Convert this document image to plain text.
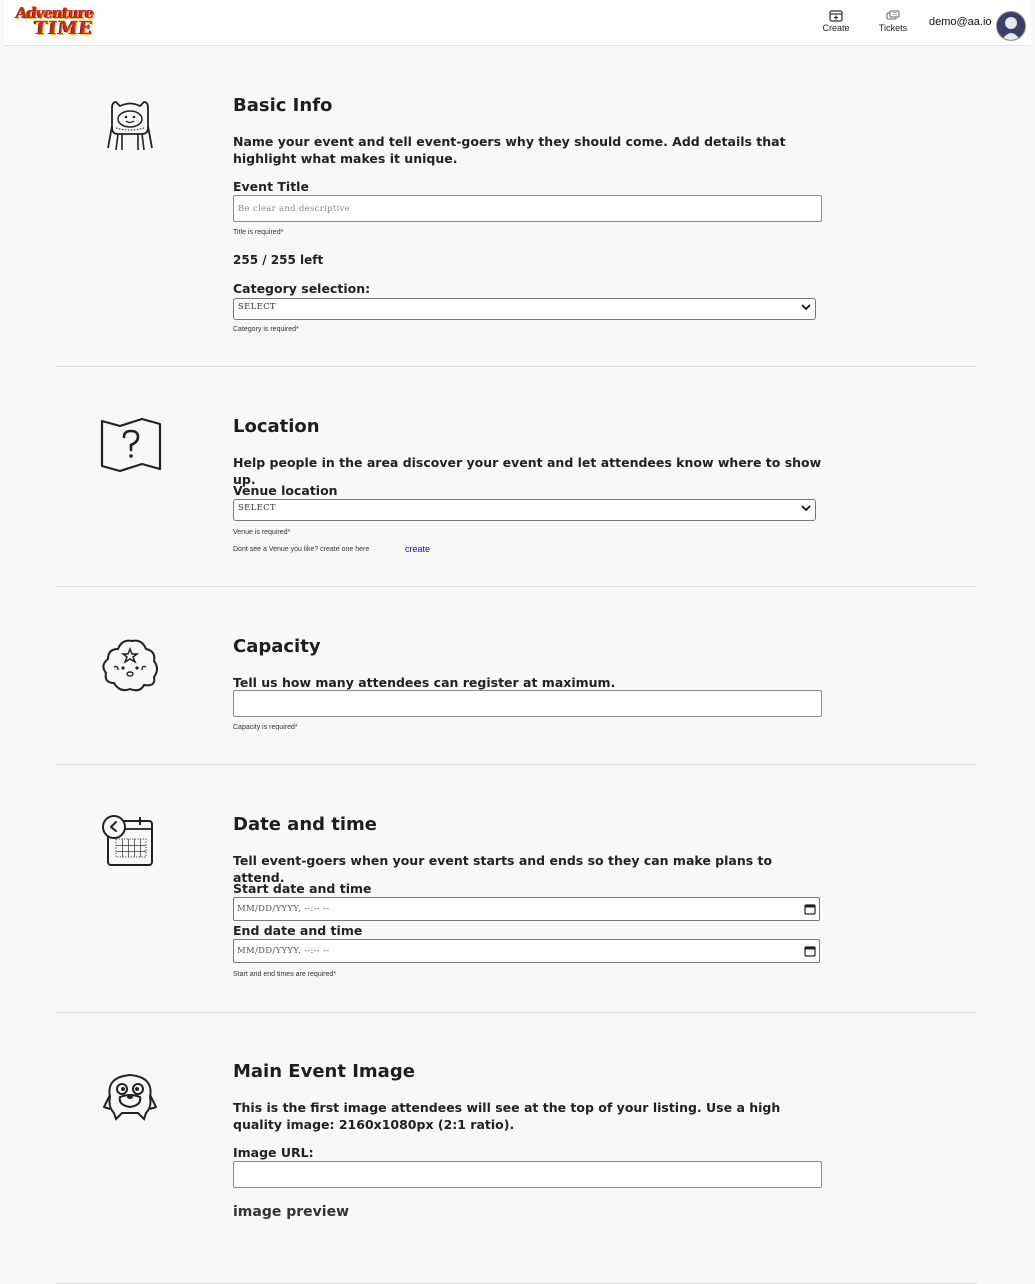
Adventure
TIME	Create	Tickets	demo@aa.io
Basic Info

Name your event and tell event-goers why they should come. Add details that highlight what makes it unique.

Event Title
Be clear and descriptive
Title is required*
255 / 255 left
Category selection:
SELECT
Category is required*
Location

Help people in the area discover your event and let attendees know where to show up.

Venue location
SELECT
Venue is required*
Dont see a Venue you like? create one here	create
Capacity

Tell us how many attendees can register at maximum.

Capacity is required*
Date and time

Tell event-goers when your event starts and ends so they can make plans to attend.

Start date and time
MM/DD/YYYY, --:-- --
End date and time
MM/DD/YYYY, --:-- --
Start and end times are required*
Main Event Image

This is the first image attendees will see at the top of your listing. Use a high quality image: 2160x1080px (2:1 ratio).

Image URL:
image preview
